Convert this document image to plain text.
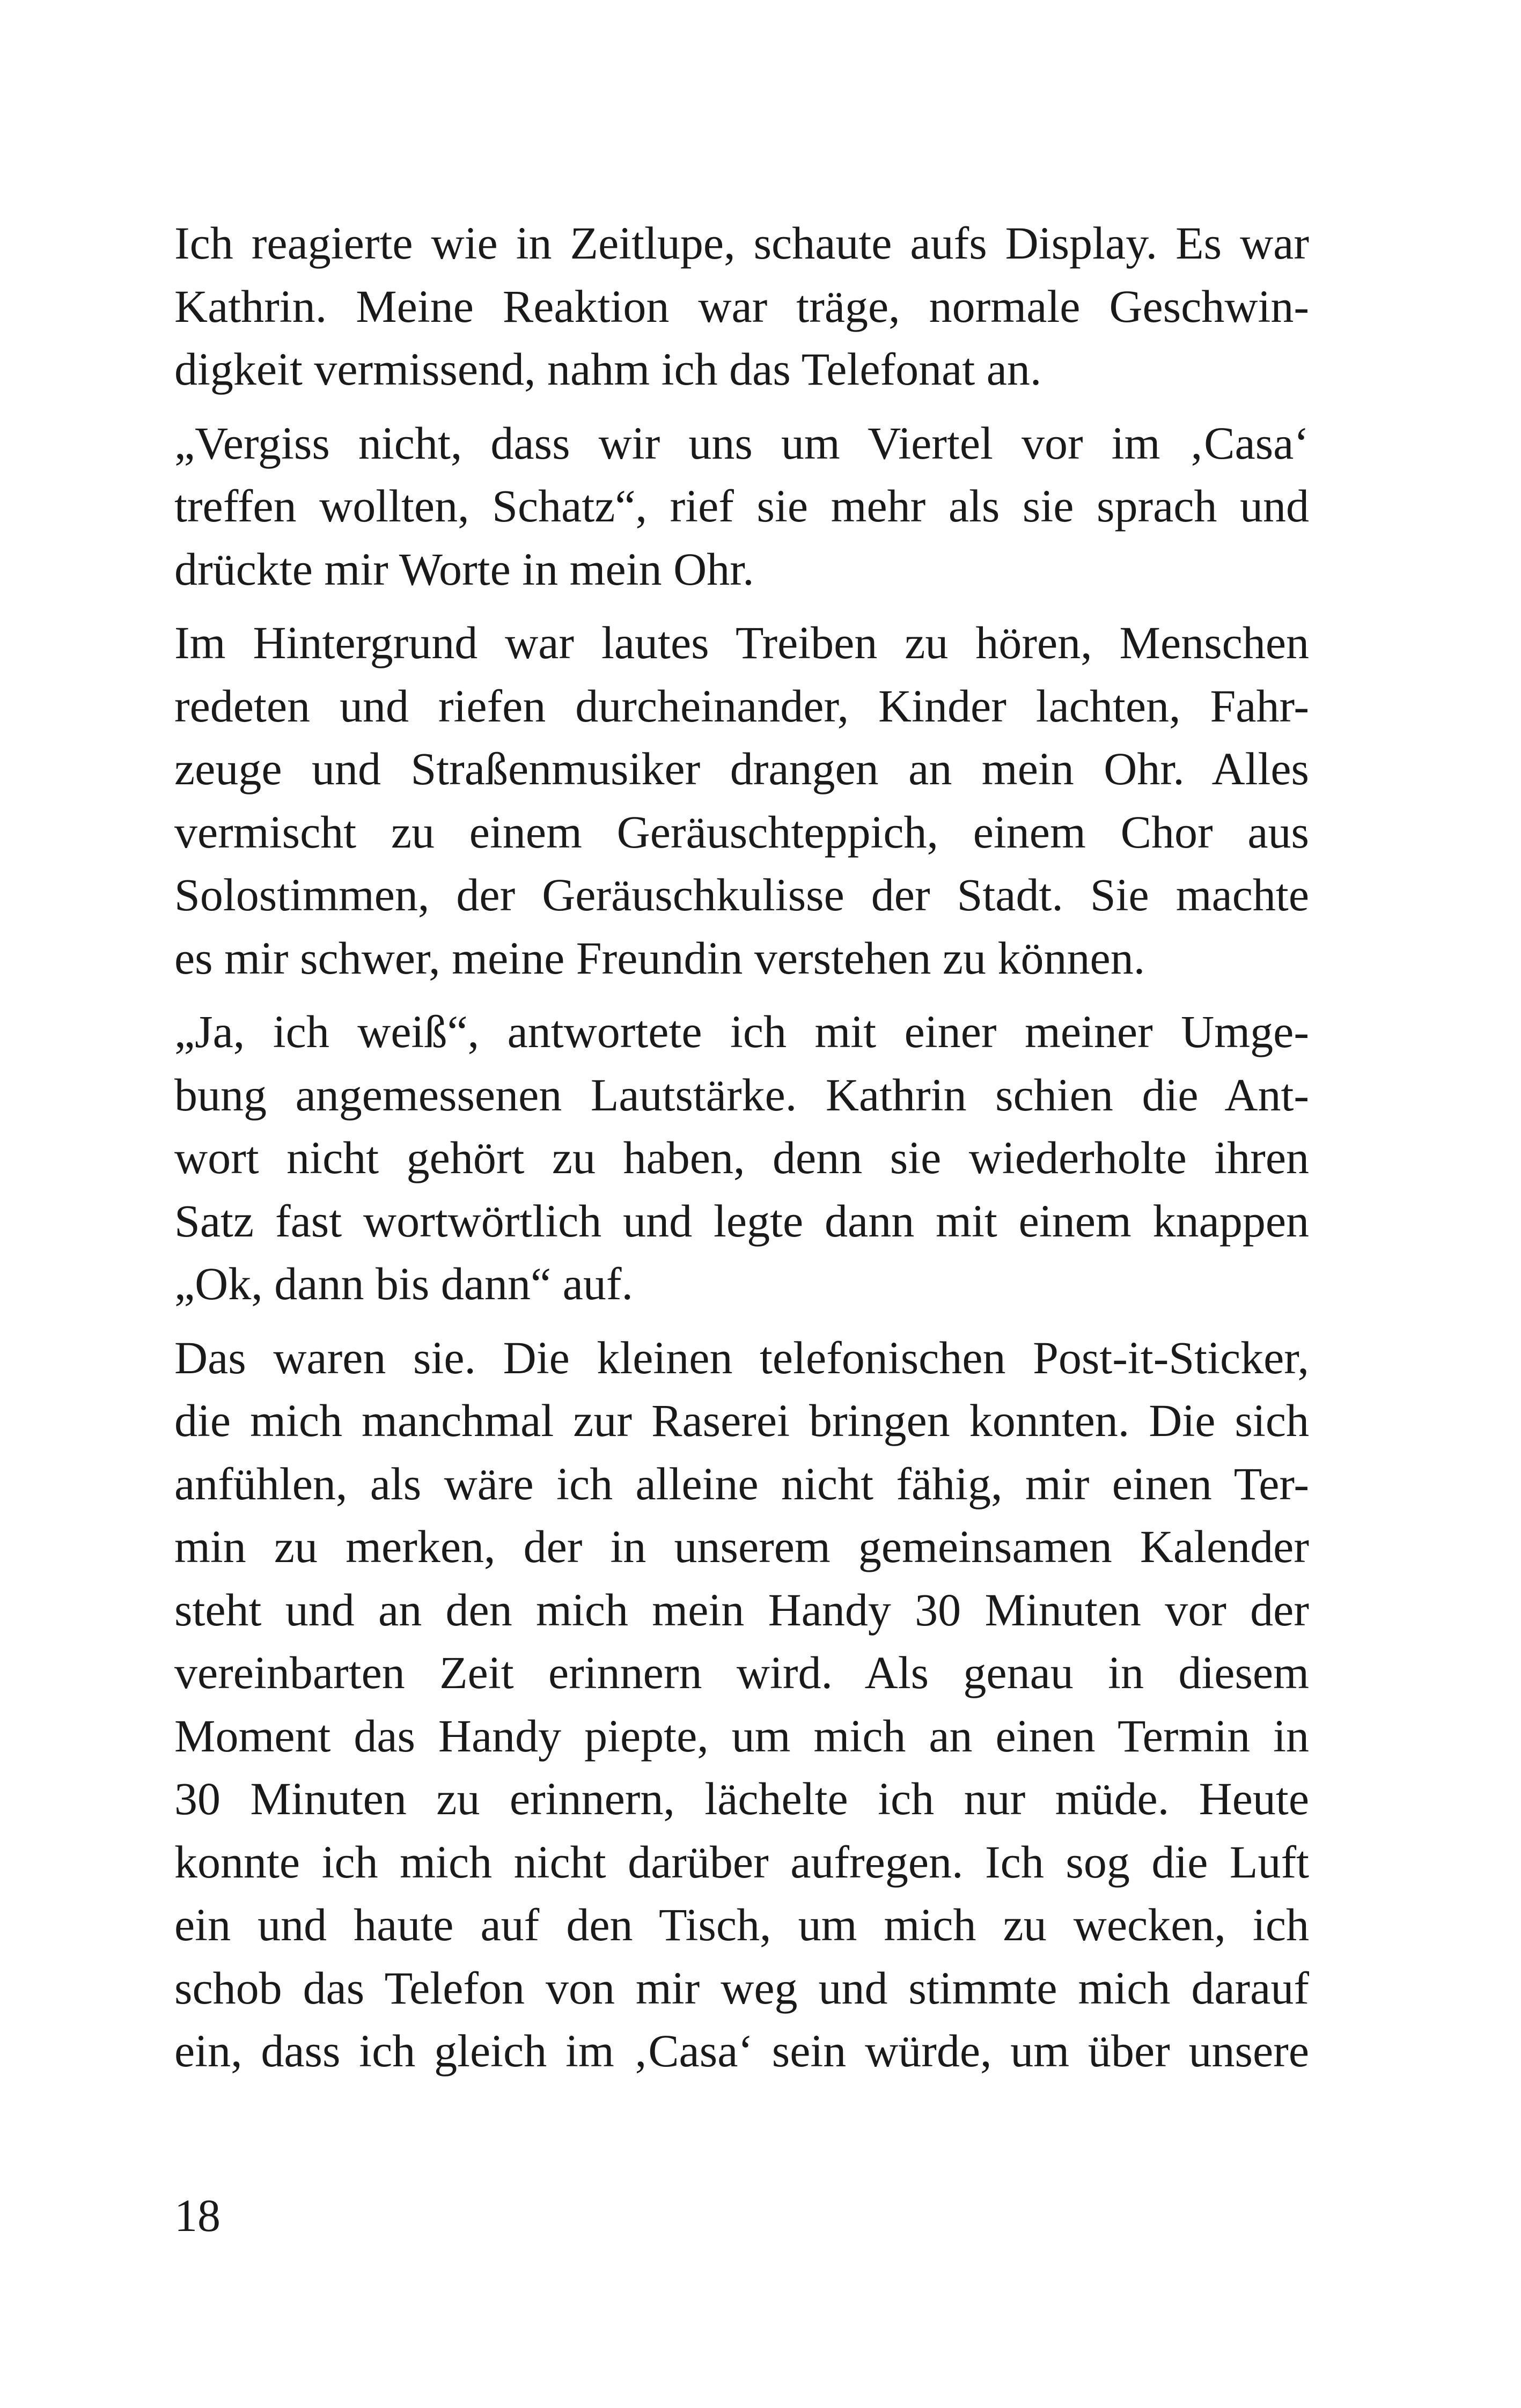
Ich reagierte wie in Zeitlupe, schaute aufs Display. Es war
Kathrin. Meine Reaktion war träge, normale Geschwin-
digkeit vermissend, nahm ich das Telefonat an.
„Vergiss nicht, dass wir uns um Viertel vor im ‚Casa‘
treffen wollten, Schatz“, rief sie mehr als sie sprach und
drückte mir Worte in mein Ohr.
Im Hintergrund war lautes Treiben zu hören, Menschen
redeten und riefen durcheinander, Kinder lachten, Fahr-
zeuge und Straßenmusiker drangen an mein Ohr. Alles
vermischt zu einem Geräuschteppich, einem Chor aus
Solostimmen, der Geräuschkulisse der Stadt. Sie machte
es mir schwer, meine Freundin verstehen zu können.
„Ja, ich weiß“, antwortete ich mit einer meiner Umge-
bung angemessenen Lautstärke. Kathrin schien die Ant-
wort nicht gehört zu haben, denn sie wiederholte ihren
Satz fast wortwörtlich und legte dann mit einem knappen
„Ok, dann bis dann“ auf.
Das waren sie. Die kleinen telefonischen Post-it-Sticker,
die mich manchmal zur Raserei bringen konnten. Die sich
anfühlen, als wäre ich alleine nicht fähig, mir einen Ter-
min zu merken, der in unserem gemeinsamen Kalender
steht und an den mich mein Handy 30 Minuten vor der
vereinbarten Zeit erinnern wird. Als genau in diesem
Moment das Handy piepte, um mich an einen Termin in
30 Minuten zu erinnern, lächelte ich nur müde. Heute
konnte ich mich nicht darüber aufregen. Ich sog die Luft
ein und haute auf den Tisch, um mich zu wecken, ich
schob das Telefon von mir weg und stimmte mich darauf
ein, dass ich gleich im ‚Casa‘ sein würde, um über unsere
18
